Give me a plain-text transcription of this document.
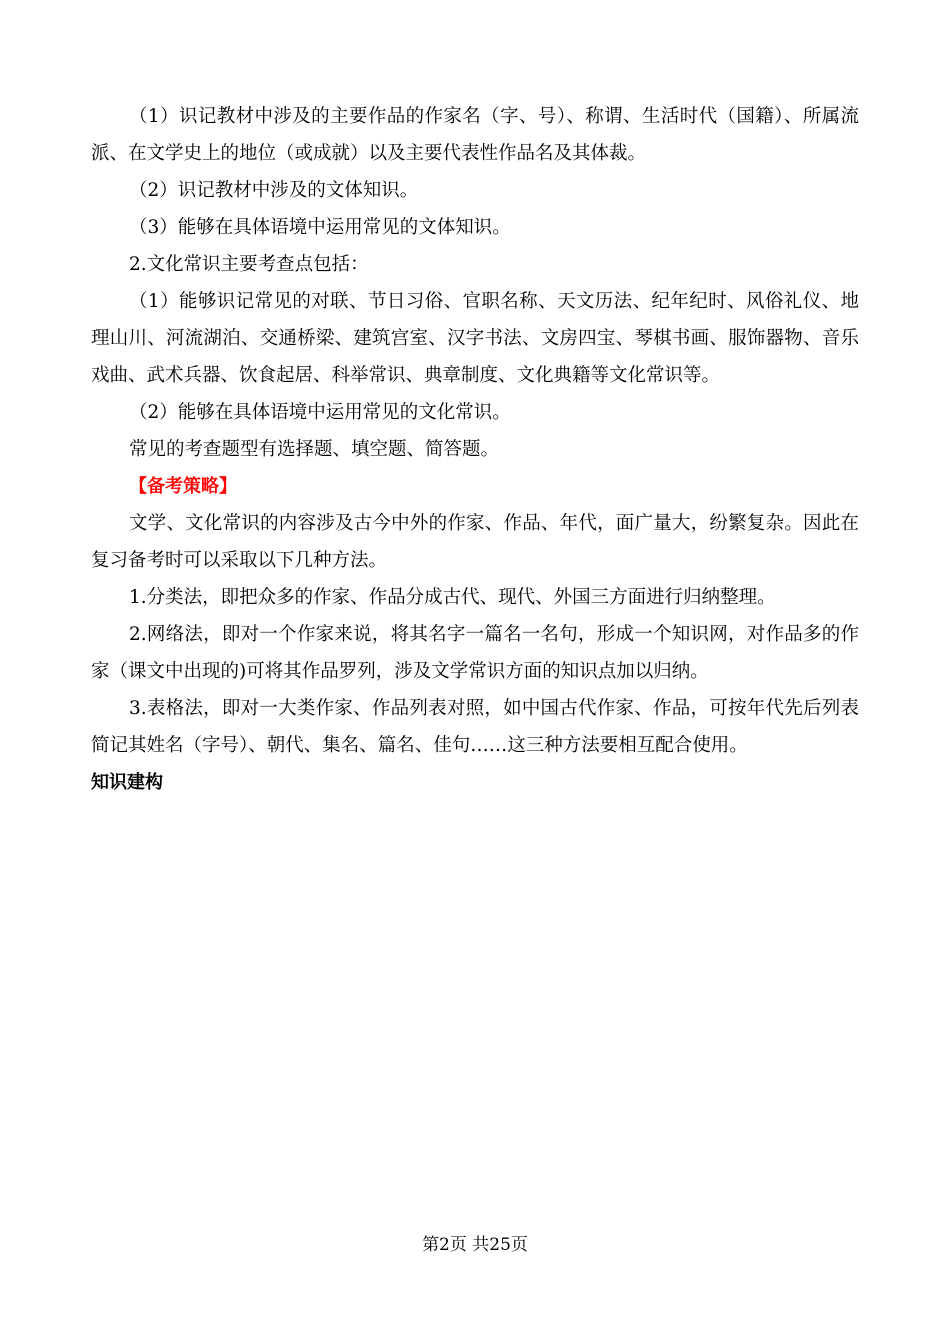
（1）识记教材中涉及的主要作品的作家名（字、号）、称谓、生活时代（国籍）、所属流派、在文学史上的地位（或成就）以及主要代表性作品名及其体裁。

（2）识记教材中涉及的文体知识。

（3）能够在具体语境中运用常见的文体知识。

2.文化常识主要考查点包括：

（1）能够识记常见的对联、节日习俗、官职名称、天文历法、纪年纪时、风俗礼仪、地理山川、河流湖泊、交通桥梁、建筑宫室、汉字书法、文房四宝、琴棋书画、服饰器物、音乐戏曲、武术兵器、饮食起居、科举常识、典章制度、文化典籍等文化常识等。

（2）能够在具体语境中运用常见的文化常识。

常见的考查题型有选择题、填空题、简答题。

【备考策略】

文学、文化常识的内容涉及古今中外的作家、作品、年代，面广量大，纷繁复杂。因此在复习备考时可以采取以下几种方法。

1.分类法，即把众多的作家、作品分成古代、现代、外国三方面进行归纳整理。

2.网络法，即对一个作家来说，将其名字一篇名一名句，形成一个知识网，对作品多的作家（课文中出现的)可将其作品罗列，涉及文学常识方面的知识点加以归纳。

3.表格法，即对一大类作家、作品列表对照，如中国古代作家、作品，可按年代先后列表简记其姓名（字号）、朝代、集名、篇名、佳句……这三种方法要相互配合使用。

知识建构

第2页 共25页
